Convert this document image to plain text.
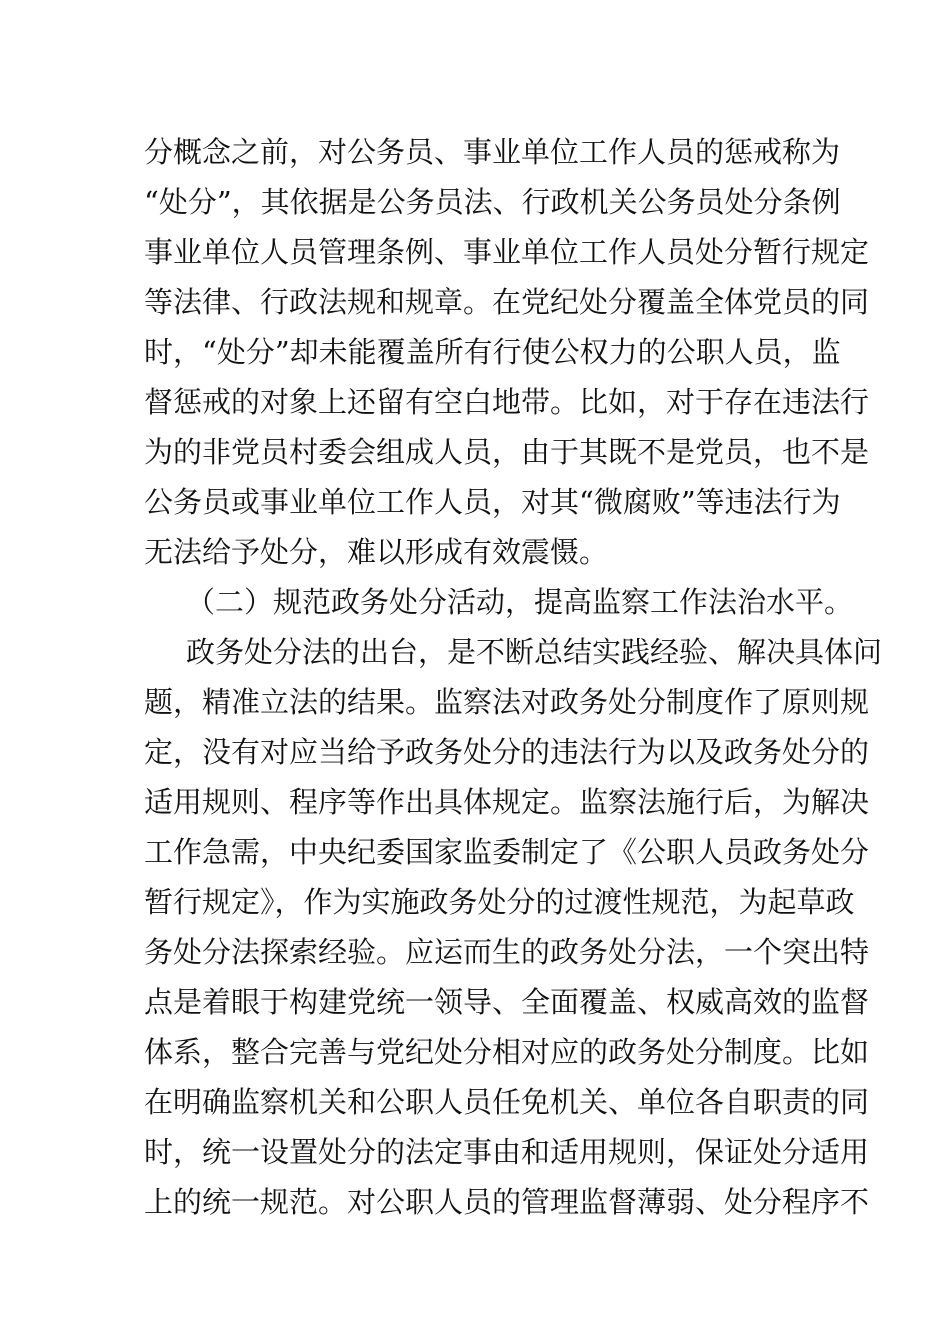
分概念之前，对公务员、事业单位工作人员的惩戒称为
“处分”，其依据是公务员法、行政机关公务员处分条例
事业单位人员管理条例、事业单位工作人员处分暂行规定
等法律、行政法规和规章。在党纪处分覆盖全体党员的同
时，“处分”却未能覆盖所有行使公权力的公职人员，监
督惩戒的对象上还留有空白地带。比如，对于存在违法行
为的非党员村委会组成人员，由于其既不是党员，也不是
公务员或事业单位工作人员，对其“微腐败”等违法行为
无法给予处分，难以形成有效震慑。
（二）规范政务处分活动，提高监察工作法治水平。
政务处分法的出台，是不断总结实践经验、解决具体问
题，精准立法的结果。监察法对政务处分制度作了原则规
定，没有对应当给予政务处分的违法行为以及政务处分的
适用规则、程序等作出具体规定。监察法施行后，为解决
工作急需，中央纪委国家监委制定了《公职人员政务处分
暂行规定》，作为实施政务处分的过渡性规范，为起草政
务处分法探索经验。应运而生的政务处分法，一个突出特
点是着眼于构建党统一领导、全面覆盖、权威高效的监督
体系，整合完善与党纪处分相对应的政务处分制度。比如
在明确监察机关和公职人员任免机关、单位各自职责的同
时，统一设置处分的法定事由和适用规则，保证处分适用
上的统一规范。对公职人员的管理监督薄弱、处分程序不
